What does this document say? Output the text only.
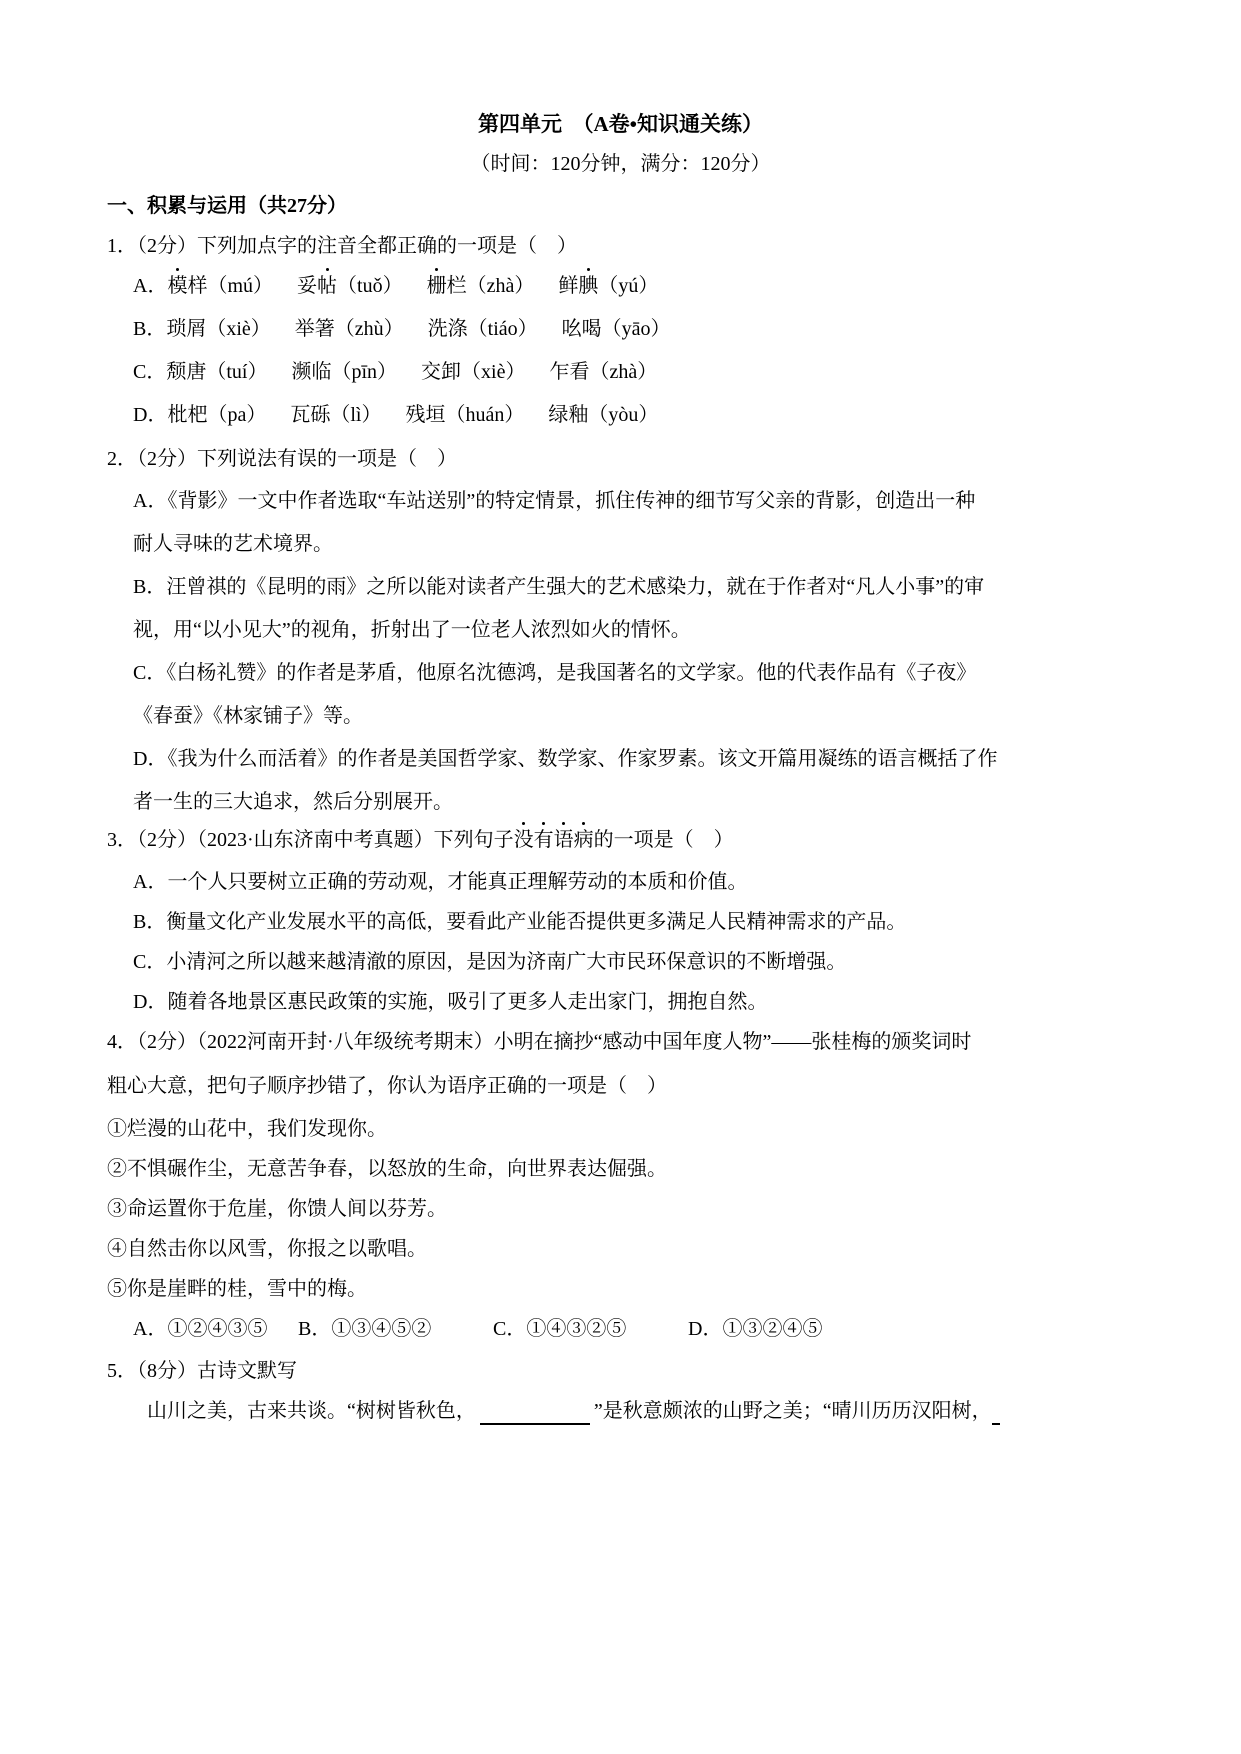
第四单元　（A卷•知识通关练）
（时间：120分钟，满分：120分）
一、积累与运用（共27分）
1．（2分）下列加点字的注音全都正确的一项是（　）
A．模样（mú） 妥帖（tuǒ） 栅栏（zhà） 鲜腆（yú）
B．琐屑（xiè） 举箸（zhù） 洗涤（tiáo） 吆喝（yāo）
C．颓唐（tuí） 濒临（pīn） 交卸（xiè） 乍看（zhà）
D．枇杷（pa） 瓦砾（lì） 残垣（huán） 绿釉（yòu）
2．（2分）下列说法有误的一项是（　）
A．《背影》一文中作者选取“车站送别”的特定情景，抓住传神的细节写父亲的背影，创造出一种
耐人寻味的艺术境界。
B．汪曾祺的《昆明的雨》之所以能对读者产生强大的艺术感染力，就在于作者对“凡人小事”的审
视，用“以小见大”的视角，折射出了一位老人浓烈如火的情怀。
C．《白杨礼赞》的作者是茅盾，他原名沈德鸿，是我国著名的文学家。他的代表作品有《子夜》
《春蚕》《林家铺子》等。
D．《我为什么而活着》的作者是美国哲学家、数学家、作家罗素。该文开篇用凝练的语言概括了作
者一生的三大追求，然后分别展开。
3．（2分）（2023·山东济南中考真题）下列句子没有语病的一项是（　）
A．一个人只要树立正确的劳动观，才能真正理解劳动的本质和价值。
B．衡量文化产业发展水平的高低，要看此产业能否提供更多满足人民精神需求的产品。
C．小清河之所以越来越清澈的原因，是因为济南广大市民环保意识的不断增强。
D．随着各地景区惠民政策的实施，吸引了更多人走出家门，拥抱自然。
4．（2分）（2022河南开封·八年级统考期末）小明在摘抄“感动中国年度人物”——张桂梅的颁奖词时
粗心大意，把句子顺序抄错了，你认为语序正确的一项是（　）
①烂漫的山花中，我们发现你。
②不惧碾作尘，无意苦争春，以怒放的生命，向世界表达倔强。
③命运置你于危崖，你馈人间以芬芳。
④自然击你以风雪，你报之以歌唱。
⑤你是崖畔的桂，雪中的梅。
A．①②④③⑤ B．①③④⑤②	C．①④③②⑤	D．①③②④⑤
5．（8分）古诗文默写
山川之美，古来共谈。“树树皆秋色，	”是秋意颇浓的山野之美；“晴川历历汉阳树，
